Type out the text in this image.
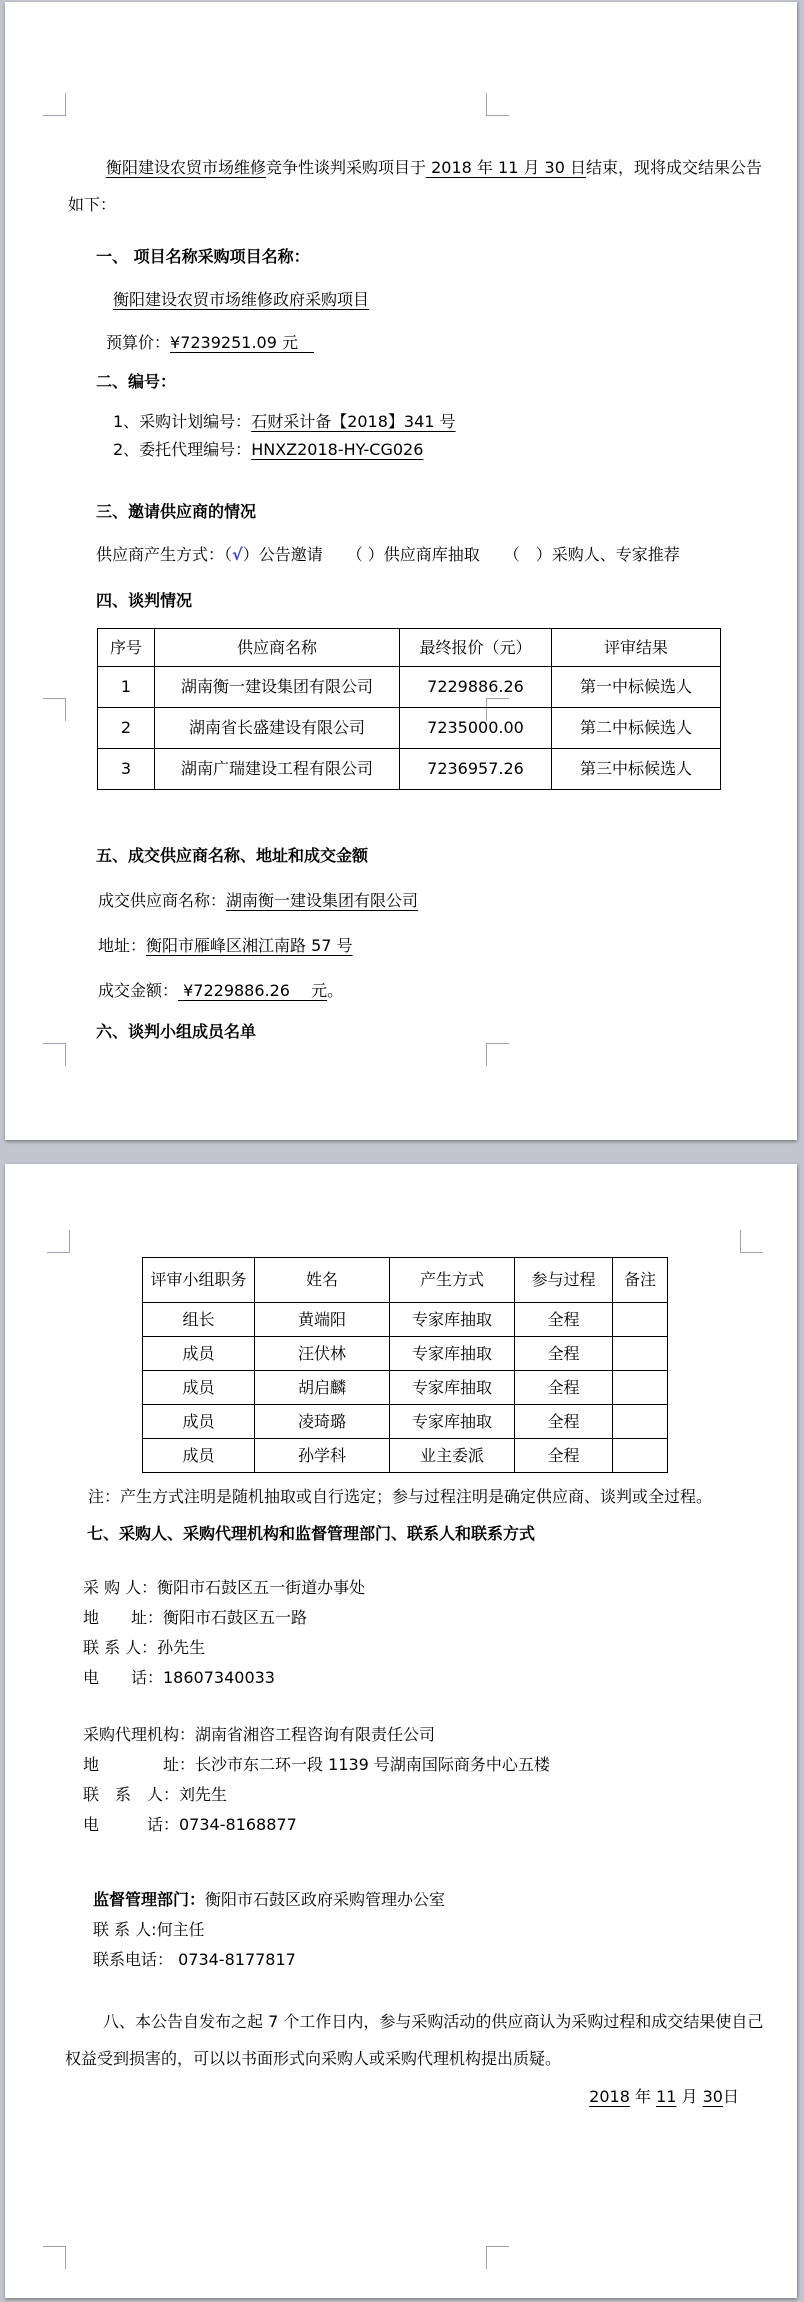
衡阳建设农贸市场维修竞争性谈判采购项目于 2018 年 11 月 30 日结束，现将成交结果公告如下：
一、 项目名称采购项目名称：
衡阳建设农贸市场维修政府采购项目
预算价：¥7239251.09 元　
二、编号：
1、采购计划编号：石财采计备【2018】341 号
2、委托代理编号：HNXZ2018-HY-CG026
三、邀请供应商的情况
供应商产生方式：（√）公告邀请　　（ ）供应商库抽取　　（　）采购人、专家推荐
四、谈判情况
序号	供应商名称	最终报价（元）	评审结果
1	湖南衡一建设集团有限公司	7229886.26	第一中标候选人
2	湖南省长盛建设有限公司	7235000.00	第二中标候选人
3	湖南广瑞建设工程有限公司	7236957.26	第三中标候选人
五、成交供应商名称、地址和成交金额
成交供应商名称：湖南衡一建设集团有限公司
地址：衡阳市雁峰区湘江南路 57 号
成交金额： ¥7229886.26　 元。
六、谈判小组成员名单
评审小组职务	姓名	产生方式	参与过程	备注
组长	黄端阳	专家库抽取	全程	
成员	汪伏林	专家库抽取	全程	
成员	胡启麟	专家库抽取	全程	
成员	凌琦璐	专家库抽取	全程	
成员	孙学科	业主委派	全程	
注：产生方式注明是随机抽取或自行选定；参与过程注明是确定供应商、谈判或全过程。
七、采购人、采购代理机构和监督管理部门、联系人和联系方式
采 购 人：衡阳市石鼓区五一街道办事处
地　　址：衡阳市石鼓区五一路
联 系 人：孙先生
电　　话：18607340033
采购代理机构：湖南省湘咨工程咨询有限责任公司
地　　　　址：长沙市东二环一段 1139 号湖南国际商务中心五楼
联　系　人：刘先生
电　　　话：0734-8168877
监督管理部门：衡阳市石鼓区政府采购管理办公室
联 系 人:何主任
联系电话： 0734-8177817
八、本公告自发布之起 7 个工作日内，参与采购活动的供应商认为采购过程和成交结果使自己权益受到损害的，可以以书面形式向采购人或采购代理机构提出质疑。
2018 年 11 月 30日
